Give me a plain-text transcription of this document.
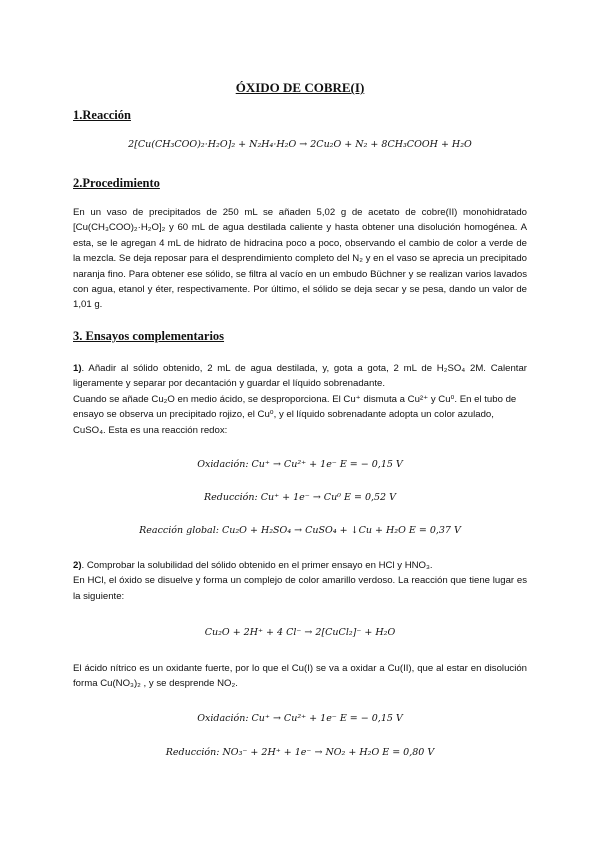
ÓXIDO DE COBRE(I)
1.Reacción
2[Cu(CH₃COO)₂·H₂O]₂ + N₂H₄·H₂O → 2Cu₂O + N₂ + 8CH₃COOH + H₂O
2.Procedimiento

En un vaso de precipitados de 250 mL se añaden 5,02 g de acetato de cobre(II) monohidratado [Cu(CH₃COO)₂·H₂O]₂ y 60 mL de agua destilada caliente y hasta obtener una disolución homogénea. A esta, se le agregan 4 mL de hidrato de hidracina poco a poco, observando el cambio de color a verde de la mezcla. Se deja reposar para el desprendimiento completo del N₂ y en el vaso se aprecia un precipitado naranja fino. Para obtener ese sólido, se filtra al vacío en un embudo Büchner y se realizan varios lavados con agua, etanol y éter, respectivamente. Por último, el sólido se deja secar y se pesa, dando un valor de 1,01 g.

3. Ensayos complementarios

1). Añadir al sólido obtenido, 2 mL de agua destilada, y, gota a gota, 2 mL de H₂SO₄ 2M. Calentar ligeramente y separar por decantación y guardar el líquido sobrenadante.

Cuando se añade Cu₂O en medio ácido, se desproporciona. El Cu⁺ dismuta a Cu²⁺ y Cu⁰. En el tubo de ensayo se observa un precipitado rojizo, el Cu⁰, y el líquido sobrenadante adopta un color azulado, CuSO₄. Esta es una reacción redox:

Oxidación: Cu⁺ → Cu²⁺ + 1e⁻ E = − 0,15 V
Reducción: Cu⁺ + 1e⁻ → Cu⁰ E = 0,52 V
Reacción global: Cu₂O + H₂SO₄ → CuSO₄ + ↓Cu + H₂O E = 0,37 V

2). Comprobar la solubilidad del sólido obtenido en el primer ensayo en HCl y HNO₃.

En HCl, el óxido se disuelve y forma un complejo de color amarillo verdoso. La reacción que tiene lugar es la siguiente:

Cu₂O + 2H⁺ + 4 Cl⁻ → 2[CuCl₂]⁻ + H₂O

El ácido nítrico es un oxidante fuerte, por lo que el Cu(I) se va a oxidar a Cu(II), que al estar en disolución forma Cu(NO₃)₂ , y se desprende NO₂.

Oxidación: Cu⁺ → Cu²⁺ + 1e⁻ E = − 0,15 V
Reducción: NO₃⁻ + 2H⁺ + 1e⁻ → NO₂ + H₂O E = 0,80 V
